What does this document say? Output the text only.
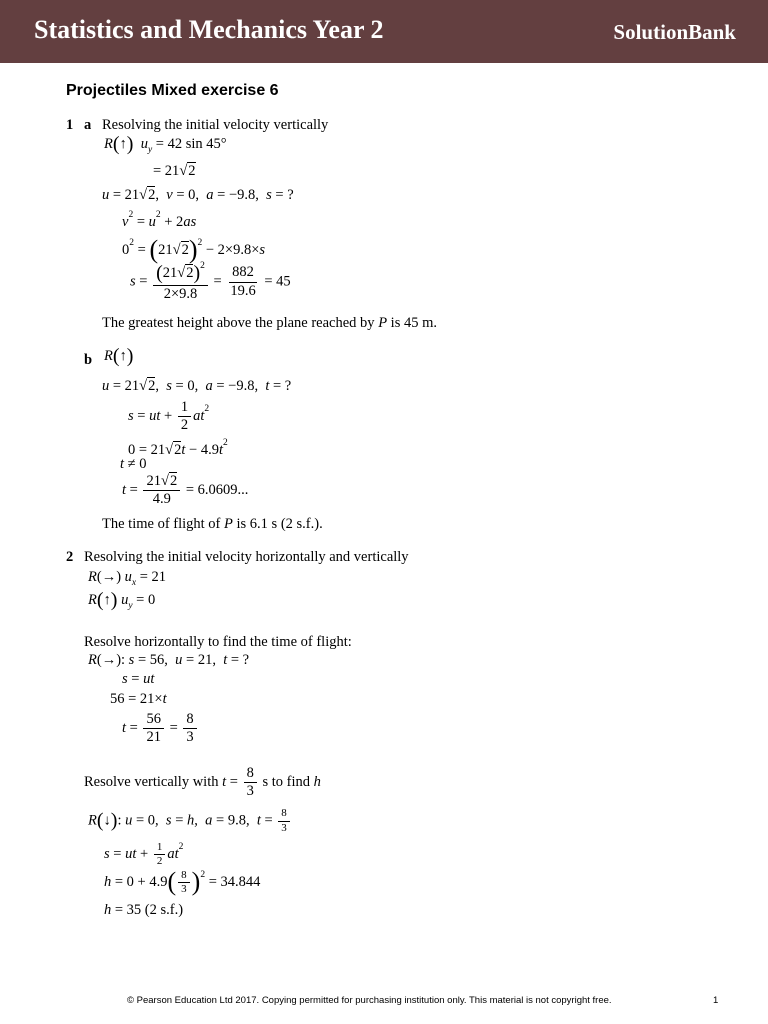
Statistics and Mechanics Year 2	SolutionBank
Projectiles Mixed exercise 6
1 a Resolving the initial velocity vertically
R(↑) $u_y = 42$ sin 45°
= 21√2
u = 21√2,  v = 0,  a = −9.8,  s = ?
$v^2 = u^2 + 2as$
$0^2 = (21√2)^2 - 2\times 9.8\times s$
$s = \frac{(21√2)^2}{2\times 9.8} = \frac{882}{19.6} = 45$
The greatest height above the plane reached by P is 45 m.
b R(↑)
u = 21√2,  s = 0,  a = −9.8,  t = ?
s = ut + $\frac{1}{2} at^2$
$0 = 21√2t - 4.9t^2$
t ≠ 0
$t = \frac{21√2}{4.9} = 6.0609$...
The time of flight of P is 6.1 s (2 s.f.).
2 Resolving the initial velocity horizontally and vertically
R(→) $u_x = 21$
R(↑) $u_y = 0$
Resolve horizontally to find the time of flight:
R(→): s = 56,  u = 21,  t = ?
s = ut
56 = 21×t
$t = \frac{56}{21} = \frac{8}{3}$
Resolve vertically with $t = \frac{8}{3}$ s to find h
R(↓): u = 0,  s = h,  a = 9.8,  $t = \frac{8}{3}$
s = ut + $\frac{1}{2} at^2$
$h = 0 + 4.9( \frac{8}{3} )^2 = 34.844$
h = 35 (2 s.f.)
© Pearson Education Ltd 2017. Copying permitted for purchasing institution only. This material is not copyright free.	1
